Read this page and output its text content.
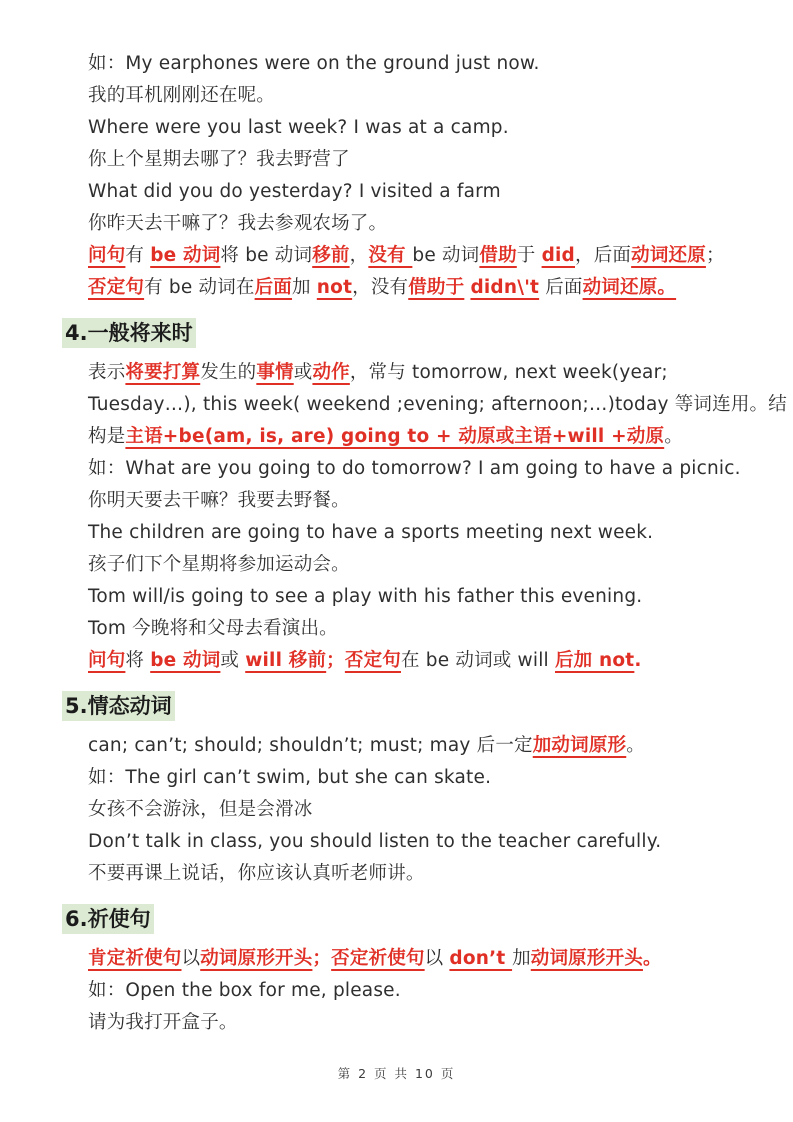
如：My earphones were on the ground just now.
我的耳机刚刚还在呢。
Where were you last week? I was at a camp.
你上个星期去哪了？我去野营了
What did you do yesterday? I visited a farm
你昨天去干嘛了？我去参观农场了。
问句有 be 动词将 be 动词移前，没有 be 动词借助于 did，后面动词还原；
否定句有 be 动词在后面加 not，没有借助于 didn\'t 后面动词还原。
4.一般将来时
表示将要打算发生的事情或动作，常与 tomorrow, next week(year;
Tuesday…), this week( weekend ;evening; afternoon;…)today 等词连用。结
构是主语+be(am, is, are) going to + 动原或主语+will +动原。
如：What are you going to do tomorrow? I am going to have a picnic.
你明天要去干嘛？我要去野餐。
The children are going to have a sports meeting next week.
孩子们下个星期将参加运动会。
Tom will/is going to see a play with his father this evening.
Tom 今晚将和父母去看演出。
问句将 be 动词或 will 移前；否定句在 be 动词或 will 后加 not.
5.情态动词
can; can’t; should; shouldn’t; must; may 后一定加动词原形。
如：The girl can’t swim, but she can skate.
女孩不会游泳，但是会滑冰
Don’t talk in class, you should listen to the teacher carefully.
不要再课上说话，你应该认真听老师讲。
6.祈使句
肯定祈使句以动词原形开头；否定祈使句以 don’t 加动词原形开头。
如：Open the box for me, please.
请为我打开盒子。
第 2 页 共 10 页
